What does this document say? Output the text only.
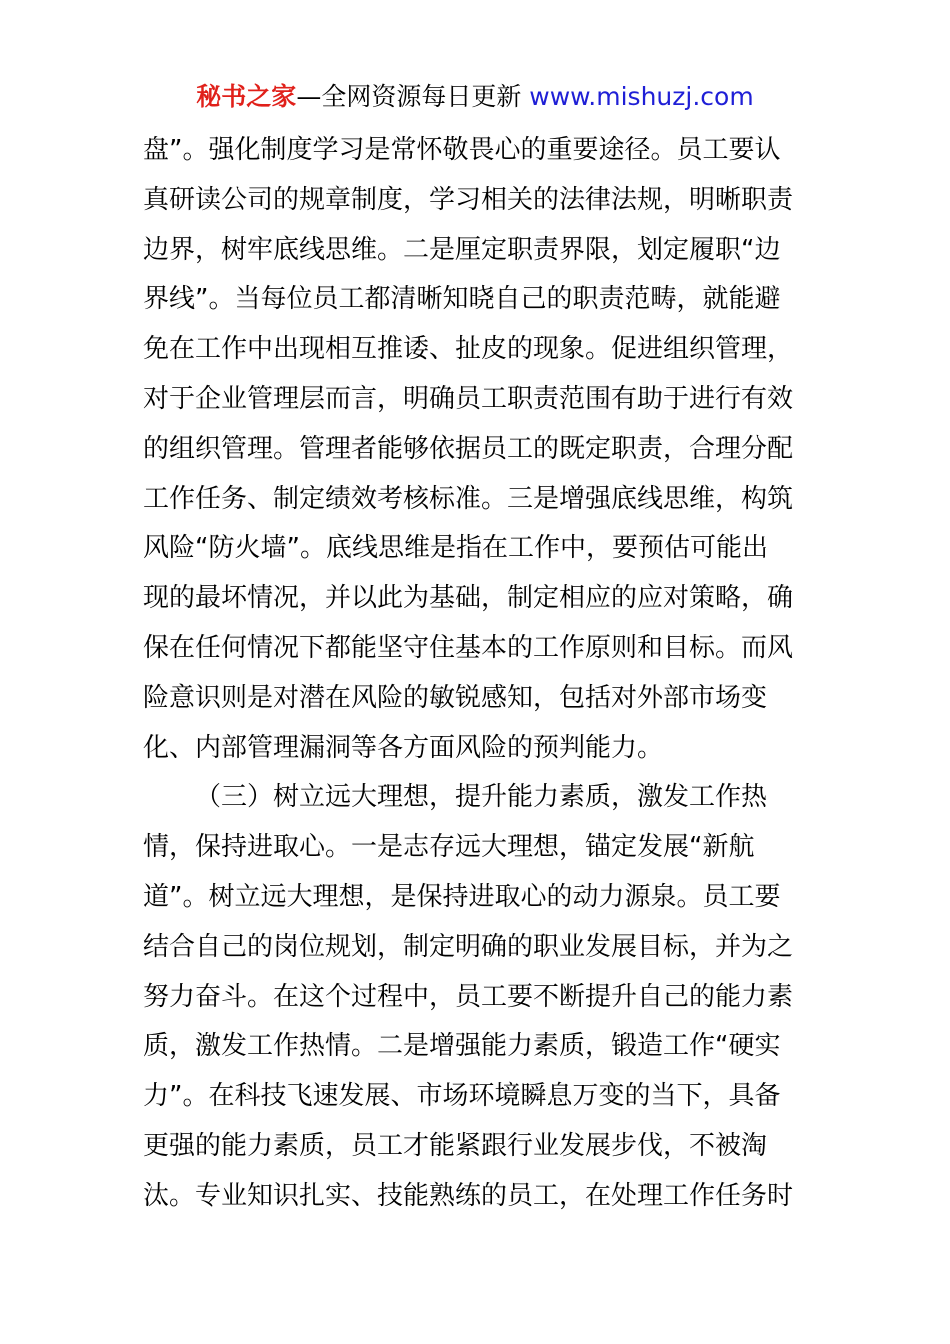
秘书之家—全网资源每日更新 www.mishuzj.com
盘”。强化制度学习是常怀敬畏心的重要途径。员工要认
真研读公司的规章制度，学习相关的法律法规，明晰职责
边界，树牢底线思维。二是厘定职责界限，划定履职“边
界线”。当每位员工都清晰知晓自己的职责范畴，就能避
免在工作中出现相互推诿、扯皮的现象。促进组织管理，
对于企业管理层而言，明确员工职责范围有助于进行有效
的组织管理。管理者能够依据员工的既定职责，合理分配
工作任务、制定绩效考核标准。三是增强底线思维，构筑
风险“防火墙”。底线思维是指在工作中，要预估可能出
现的最坏情况，并以此为基础，制定相应的应对策略，确
保在任何情况下都能坚守住基本的工作原则和目标。而风
险意识则是对潜在风险的敏锐感知，包括对外部市场变
化、内部管理漏洞等各方面风险的预判能力。
（三）树立远大理想，提升能力素质，激发工作热
情，保持进取心。一是志存远大理想，锚定发展“新航
道”。树立远大理想，是保持进取心的动力源泉。员工要
结合自己的岗位规划，制定明确的职业发展目标，并为之
努力奋斗。在这个过程中，员工要不断提升自己的能力素
质，激发工作热情。二是增强能力素质，锻造工作“硬实
力”。在科技飞速发展、市场环境瞬息万变的当下，具备
更强的能力素质，员工才能紧跟行业发展步伐，不被淘
汰。专业知识扎实、技能熟练的员工，在处理工作任务时
